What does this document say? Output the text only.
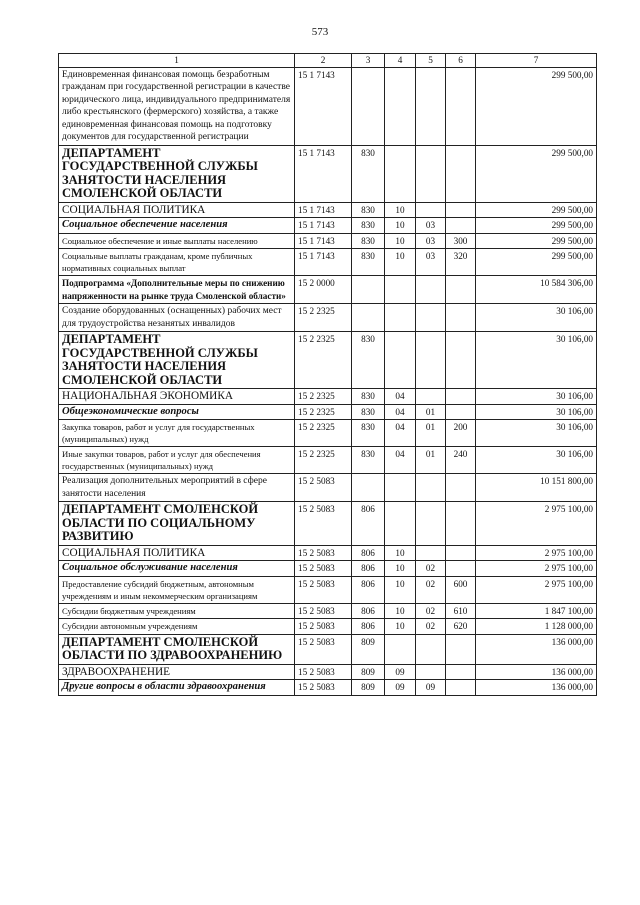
573
1	2	3	4	5	6	7
Единовременная финансовая помощь безработным гражданам при государственной регистрации в качестве юридического лица, индивидуального предпринимателя либо крестьянского (фермерского) хозяйства, а также единовременная финансовая помощь на подготовку документов для государственной регистрации	15 1 7143					299 500,00
ДЕПАРТАМЕНТ ГОСУДАРСТВЕННОЙ СЛУЖБЫ ЗАНЯТОСТИ НАСЕЛЕНИЯ СМОЛЕНСКОЙ ОБЛАСТИ	15 1 7143	830				299 500,00
СОЦИАЛЬНАЯ ПОЛИТИКА	15 1 7143	830	10			299 500,00
Социальное обеспечение населения	15 1 7143	830	10	03		299 500,00
Социальное обеспечение и иные выплаты населению	15 1 7143	830	10	03	300	299 500,00
Социальные выплаты гражданам, кроме публичных нормативных социальных выплат	15 1 7143	830	10	03	320	299 500,00
Подпрограмма «Дополнительные меры по снижению напряженности на рынке труда Смоленской области»	15 2 0000					10 584 306,00
Создание оборудованных (оснащенных) рабочих мест для трудоустройства незанятых инвалидов	15 2 2325					30 106,00
ДЕПАРТАМЕНТ ГОСУДАРСТВЕННОЙ СЛУЖБЫ ЗАНЯТОСТИ НАСЕЛЕНИЯ СМОЛЕНСКОЙ ОБЛАСТИ	15 2 2325	830				30 106,00
НАЦИОНАЛЬНАЯ ЭКОНОМИКА	15 2 2325	830	04			30 106,00
Общеэкономические вопросы	15 2 2325	830	04	01		30 106,00
Закупка товаров, работ и услуг для государственных (муниципальных) нужд	15 2 2325	830	04	01	200	30 106,00
Иные закупки товаров, работ и услуг для обеспечения государственных (муниципальных) нужд	15 2 2325	830	04	01	240	30 106,00
Реализация дополнительных мероприятий в сфере занятости населения	15 2 5083					10 151 800,00
ДЕПАРТАМЕНТ СМОЛЕНСКОЙ ОБЛАСТИ ПО СОЦИАЛЬНОМУ РАЗВИТИЮ	15 2 5083	806				2 975 100,00
СОЦИАЛЬНАЯ ПОЛИТИКА	15 2 5083	806	10			2 975 100,00
Социальное обслуживание населения	15 2 5083	806	10	02		2 975 100,00
Предоставление субсидий бюджетным, автономным учреждениям и иным некоммерческим организациям	15 2 5083	806	10	02	600	2 975 100,00
Субсидии бюджетным учреждениям	15 2 5083	806	10	02	610	1 847 100,00
Субсидии автономным учреждениям	15 2 5083	806	10	02	620	1 128 000,00
ДЕПАРТАМЕНТ СМОЛЕНСКОЙ ОБЛАСТИ ПО ЗДРАВООХРАНЕНИЮ	15 2 5083	809				136 000,00
ЗДРАВООХРАНЕНИЕ	15 2 5083	809	09			136 000,00
Другие вопросы в области здравоохранения	15 2 5083	809	09	09		136 000,00
